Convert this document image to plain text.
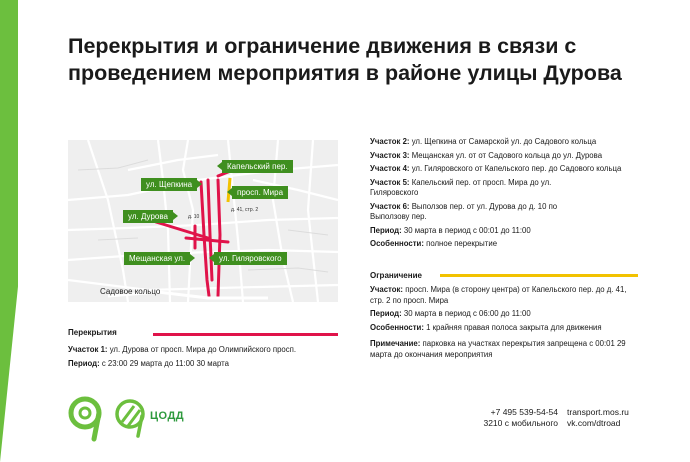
Перекрытия и ограничение движения в связи с проведением мероприятия в районе улицы Дурова
ул. Щепкина
ул. Дурова
Мещанская ул.
Капельский пер.
просп. Мира
ул. Гиляровского
Садовое кольцо
д. 10
д. 41, стр. 2
Перекрытия

Участок 1: ул. Дурова от просп. Мира до Олимпийского просп.

Период: с 23:00 29 марта до 11:00 30 марта

Участок 2: ул. Щепкина от Самарской ул. до Садового кольца

Участок 3: Мещанская ул. от от Садового кольца до ул. Дурова

Участок 4: ул. Гиляровского от Капельского пер. до Садового кольца

Участок 5: Капельский пер. от просп. Мира до ул. Гиляровского

Участок 6: Выползов пер. от ул. Дурова до д. 10 по Выползову пер.

Период: 30 марта в период с 00:01 до 11:00

Особенности: полное перекрытие

Ограничение

Участок: просп. Мира (в сторону центра) от Капельского пер. до д. 41, стр. 2 по просп. Мира

Период: 30 марта в период с 06:00 до 11:00

Особенности: 1 крайняя правая полоса закрыта для движения

Примечание: парковка на участках перекрытия запрещена с 00:01 29 марта до окончания мероприятия

ЦОДД	+7 495 539-54-54
3210 с мобильного
transport.mos.ru
vk.com/dtroad
